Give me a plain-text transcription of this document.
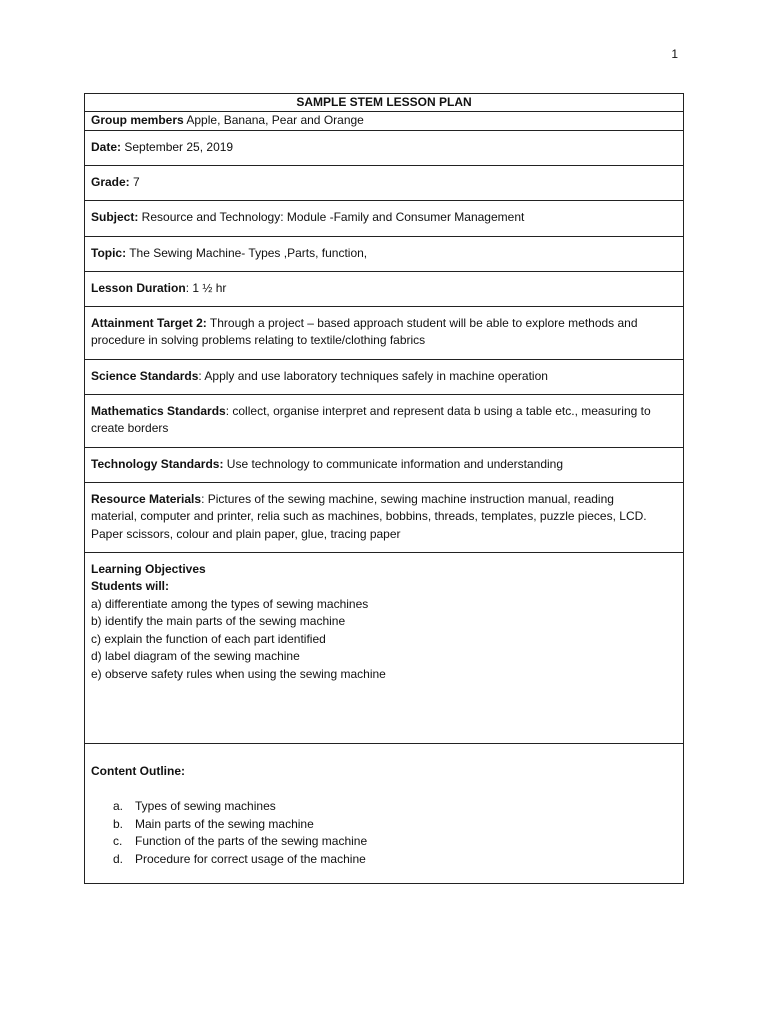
1
SAMPLE STEM LESSON PLAN
Group members Apple, Banana, Pear and Orange
Date: September 25, 2019
Grade: 7
Subject: Resource and Technology: Module -Family and Consumer Management
Topic: The Sewing Machine- Types ,Parts, function,
Lesson Duration: 1 ½ hr
Attainment Target 2: Through a project – based approach student will be able to explore methods and
procedure in solving problems relating to textile/clothing fabrics

Science Standards: Apply and use laboratory techniques safely in machine operation
Mathematics Standards: collect, organise interpret and represent data b using a table etc., measuring to
create borders

Technology Standards: Use technology to communicate information and understanding
Resource Materials: Pictures of the sewing machine, sewing machine instruction manual, reading
material, computer and printer, relia such as machines, bobbins, threads, templates, puzzle pieces, LCD.
Paper scissors, colour and plain paper, glue, tracing paper

Learning Objectives
Students will:
a) differentiate among the types of sewing machines
b) identify the main parts of the sewing machine
c) explain the function of each part identified
d) label diagram of the sewing machine
e) observe safety rules when using the sewing machine

Content Outline:
a. Types of sewing machines
b. Main parts of the sewing machine
c.	Function of the parts of the sewing machine
d. Procedure for correct usage of the machine
